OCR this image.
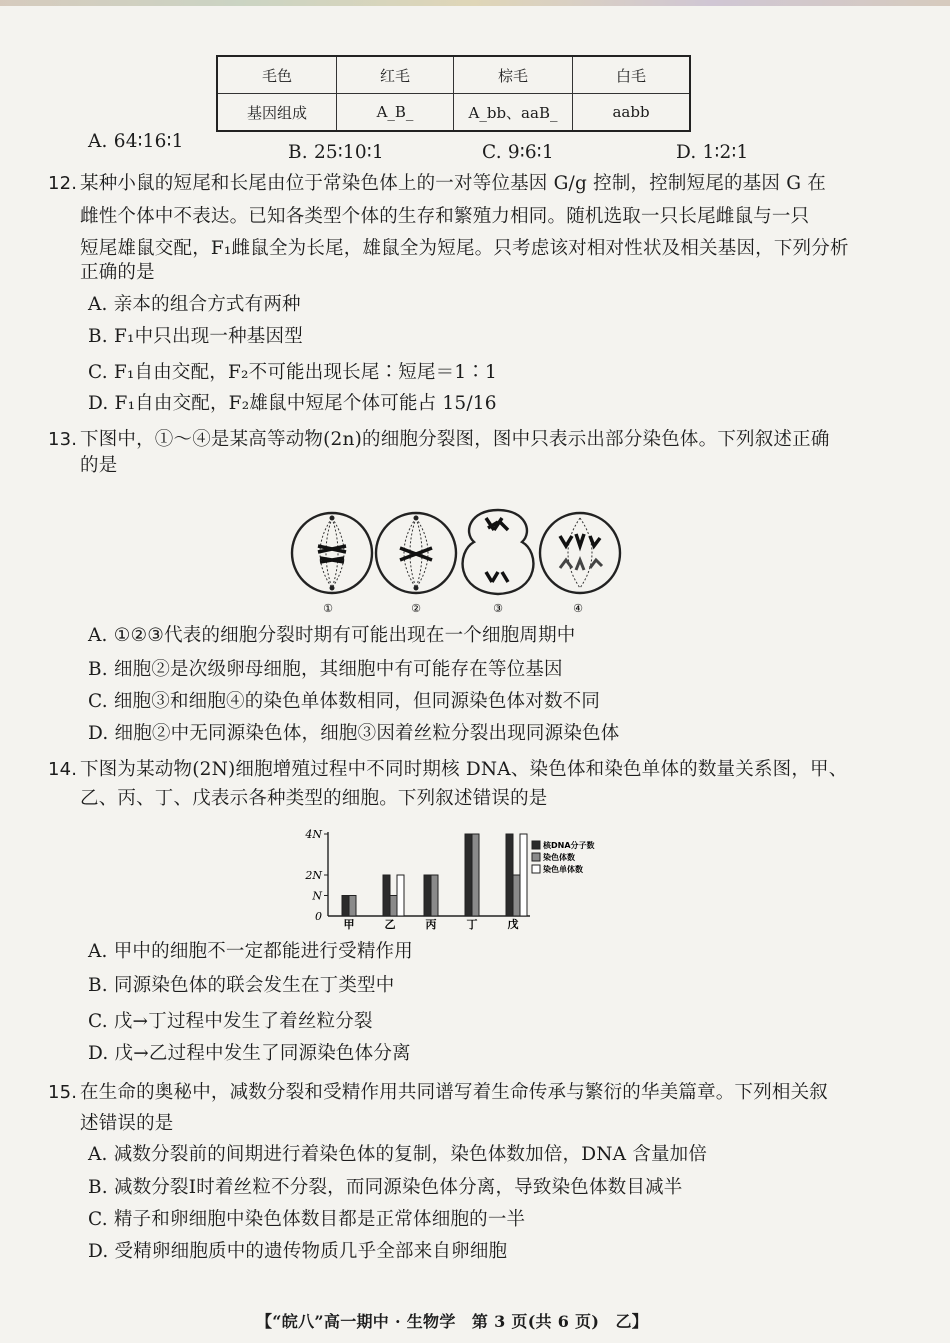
毛色	红毛	棕毛	白毛
基因组成	A_B_	A_bb、aaB_	aabb
A. 64∶16∶1
B. 25∶10∶1	C. 9∶6∶1	D. 1∶2∶1
12. 某种小鼠的短尾和长尾由位于常染色体上的一对等位基因 G/g 控制，控制短尾的基因 G 在
雌性个体中不表达。已知各类型个体的生存和繁殖力相同。随机选取一只长尾雌鼠与一只
短尾雄鼠交配，F₁雌鼠全为长尾，雄鼠全为短尾。只考虑该对相对性状及相关基因，下列分析
正确的是
A. 亲本的组合方式有两种
B. F₁中只出现一种基因型
C. F₁自由交配，F₂不可能出现长尾∶短尾＝1∶1
D. F₁自由交配，F₂雄鼠中短尾个体可能占 15/16
13. 下图中，①～④是某高等动物(2n)的细胞分裂图，图中只表示出部分染色体。下列叙述正确
的是
①	②	③	④
A. ①②③代表的细胞分裂时期有可能出现在一个细胞周期中
B. 细胞②是次级卵母细胞，其细胞中有可能存在等位基因
C. 细胞③和细胞④的染色单体数相同，但同源染色体对数不同
D. 细胞②中无同源染色体，细胞③因着丝粒分裂出现同源染色体
14. 下图为某动物(2N)细胞增殖过程中不同时期核 DNA、染色体和染色单体的数量关系图，甲、
乙、丙、丁、戊表示各种类型的细胞。下列叙述错误的是
0
N
2N
4N
甲	乙	丙	丁	戊
核DNA分子数
染色体数
染色单体数
A. 甲中的细胞不一定都能进行受精作用
B. 同源染色体的联会发生在丁类型中
C. 戊→丁过程中发生了着丝粒分裂
D. 戊→乙过程中发生了同源染色体分离
15. 在生命的奥秘中，减数分裂和受精作用共同谱写着生命传承与繁衍的华美篇章。下列相关叙
述错误的是
A. 减数分裂前的间期进行着染色体的复制，染色体数加倍，DNA 含量加倍
B. 减数分裂Ⅰ时着丝粒不分裂，而同源染色体分离，导致染色体数目减半
C. 精子和卵细胞中染色体数目都是正常体细胞的一半
D. 受精卵细胞质中的遗传物质几乎全部来自卵细胞
【“皖八”高一期中 · 生物学　第 3 页(共 6 页)　乙】
